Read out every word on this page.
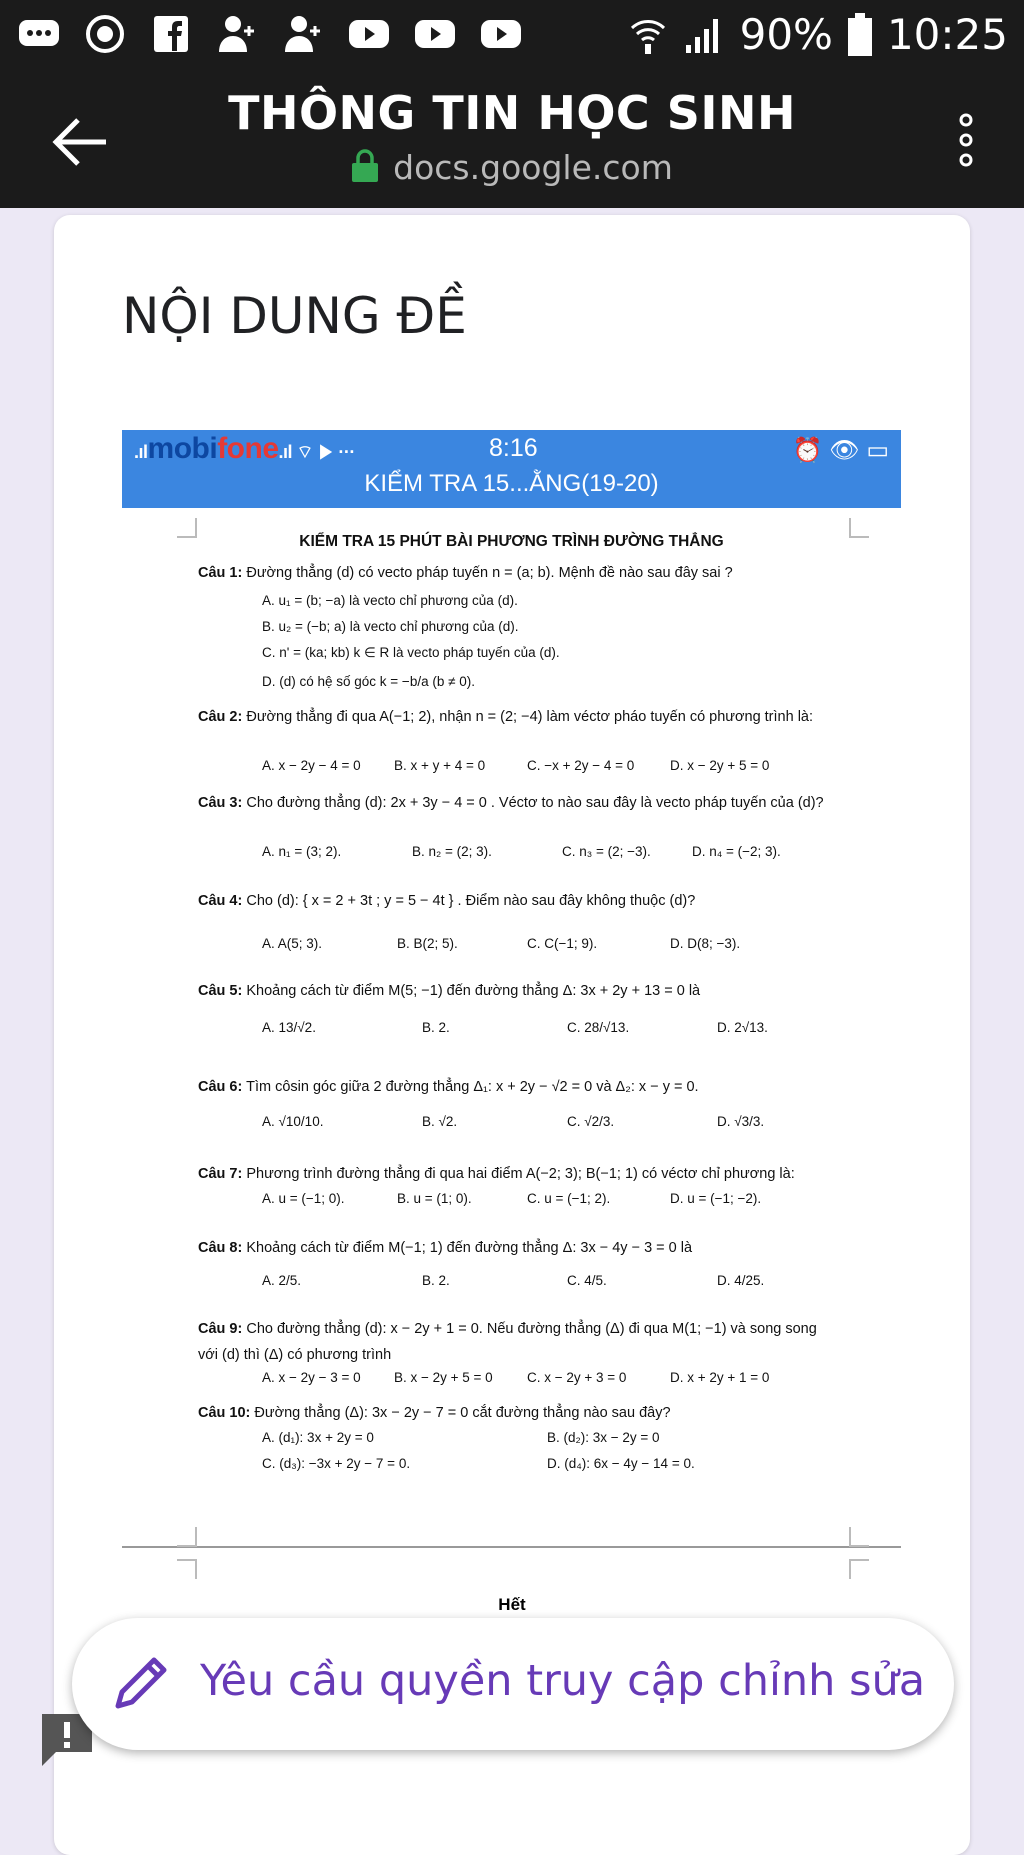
90% 10:25
THÔNG TIN HỌC SINH
docs.google.com
NỘI DUNG ĐỀ
.ılmobifone.ıl ⌔ ▶ ···	8:16	⏰ 👁 ▭
KIỂM TRA 15...ẰNG(19-20)
KIỂM TRA 15 PHÚT BÀI PHƯƠNG TRÌNH ĐƯỜNG THẲNG
Câu 1: Đường thẳng (d) có vecto pháp tuyến n = (a; b). Mệnh đề nào sau đây sai ?
A. u₁ = (b; −a) là vecto chỉ phương của (d).
B. u₂ = (−b; a) là vecto chỉ phương của (d).
C. n' = (ka; kb) k ∈ R là vecto pháp tuyến của (d).
D. (d) có hệ số góc k = −b/a (b ≠ 0).
Câu 2: Đường thẳng đi qua A(−1; 2), nhận n = (2; −4) làm véctơ pháo tuyến có phương trình là:
A. x − 2y − 4 = 0 B. x + y + 4 = 0	C. −x + 2y − 4 = 0	D. x − 2y + 5 = 0
Câu 3: Cho đường thẳng (d): 2x + 3y − 4 = 0 . Véctơ to nào sau đây là vecto pháp tuyến của (d)?
A. n₁ = (3; 2).	B. n₂ = (2; 3).	C. n₃ = (2; −3).	D. n₄ = (−2; 3).
Câu 4: Cho (d): { x = 2 + 3t ; y = 5 − 4t } . Điểm nào sau đây không thuộc (d)?
A. A(5; 3).	B. B(2; 5).	C. C(−1; 9).	D. D(8; −3).
Câu 5: Khoảng cách từ điểm M(5; −1) đến đường thẳng Δ: 3x + 2y + 13 = 0 là
A. 13/√2.	B. 2.	C. 28/√13.	D. 2√13.
Câu 6: Tìm côsin góc giữa 2 đường thẳng Δ₁: x + 2y − √2 = 0 và Δ₂: x − y = 0.
A. √10/10.	B. √2.	C. √2/3.	D. √3/3.
Câu 7: Phương trình đường thẳng đi qua hai điểm A(−2; 3); B(−1; 1) có véctơ chỉ phương là:
A. u = (−1; 0).	B. u = (1; 0).	C. u = (−1; 2).	D. u = (−1; −2).
Câu 8: Khoảng cách từ điểm M(−1; 1) đến đường thẳng Δ: 3x − 4y − 3 = 0 là
A. 2/5.	B. 2.	C. 4/5.	D. 4/25.
Câu 9: Cho đường thẳng (d): x − 2y + 1 = 0. Nếu đường thẳng (Δ) đi qua M(1; −1) và song song với (d) thì (Δ) có phương trình
A. x − 2y − 3 = 0 B. x − 2y + 5 = 0	C. x − 2y + 3 = 0	D. x + 2y + 1 = 0
Câu 10: Đường thẳng (Δ): 3x − 2y − 7 = 0 cắt đường thẳng nào sau đây?
A. (d₁): 3x + 2y = 0	B. (d₂): 3x − 2y = 0
C. (d₃): −3x + 2y − 7 = 0.	D. (d₄): 6x − 4y − 14 = 0.
Hết
Yêu cầu quyền truy cập chỉnh sửa
